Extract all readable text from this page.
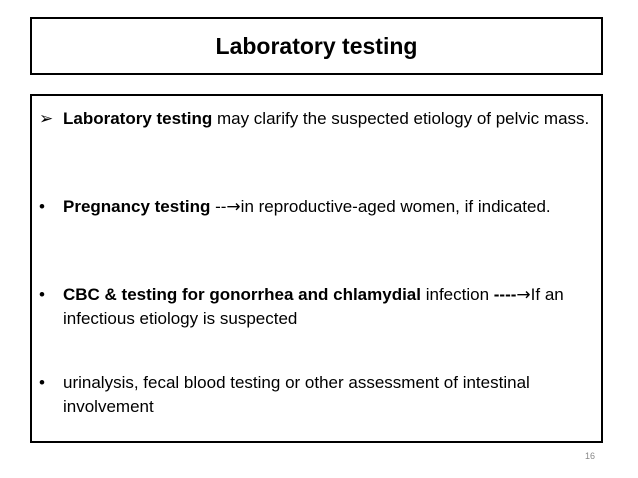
Laboratory testing
➢ Laboratory testing may clarify the suspected etiology of pelvic mass.
•	Pregnancy testing --→in reproductive-aged women, if indicated.
•	CBC & testing for gonorrhea and chlamydial infection ----→If an infectious etiology is suspected
•	urinalysis, fecal blood testing or other assessment of intestinal involvement
16
